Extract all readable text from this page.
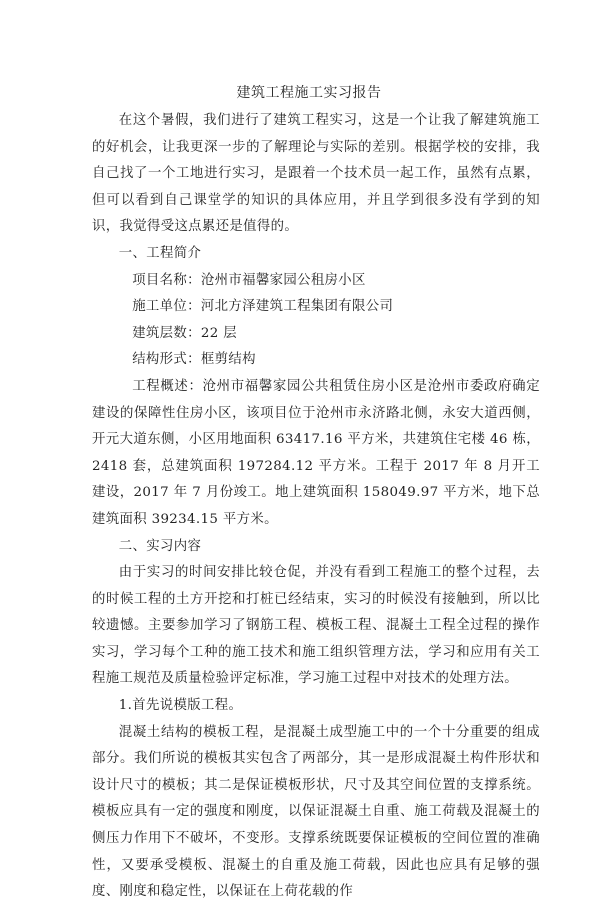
建筑工程施工实习报告

在这个暑假，我们进行了建筑工程实习，这是一个让我了解建筑施工的好机会，让我更深一步的了解理论与实际的差别。根据学校的安排，我自己找了一个工地进行实习，是跟着一个技术员一起工作，虽然有点累，但可以看到自己课堂学的知识的具体应用，并且学到很多没有学到的知识，我觉得受这点累还是值得的。

一、工程简介

项目名称：沧州市福馨家园公租房小区

施工单位：河北方泽建筑工程集团有限公司

建筑层数：22 层

结构形式：框剪结构

工程概述：沧州市福馨家园公共租赁住房小区是沧州市委政府确定建设的保障性住房小区，该项目位于沧州市永济路北侧，永安大道西侧，开元大道东侧，小区用地面积 63417.16 平方米，共建筑住宅楼 46 栋，2418 套，总建筑面积 197284.12 平方米。工程于 2017 年 8 月开工建设，2017 年 7 月份竣工。地上建筑面积 158049.97 平方米，地下总建筑面积 39234.15 平方米。

二、实习内容

由于实习的时间安排比较仓促，并没有看到工程施工的整个过程，去的时候工程的土方开挖和打桩已经结束，实习的时候没有接触到，所以比较遗憾。主要参加学习了钢筋工程、模板工程、混凝土工程全过程的操作实习，学习每个工种的施工技术和施工组织管理方法，学习和应用有关工程施工规范及质量检验评定标准，学习施工过程中对技术的处理方法。

1.首先说模版工程。

混凝土结构的模板工程，是混凝土成型施工中的一个十分重要的组成部分。我们所说的模板其实包含了两部分，其一是形成混凝土构件形状和设计尺寸的模板；其二是保证模板形状，尺寸及其空间位置的支撑系统。模板应具有一定的强度和刚度，以保证混凝土自重、施工荷载及混凝土的侧压力作用下不破坏，不变形。支撑系统既要保证模板的空间位置的准确性，又要承受模板、混凝土的自重及施工荷载，因此也应具有足够的强度、刚度和稳定性，以保证在上荷花载的作
